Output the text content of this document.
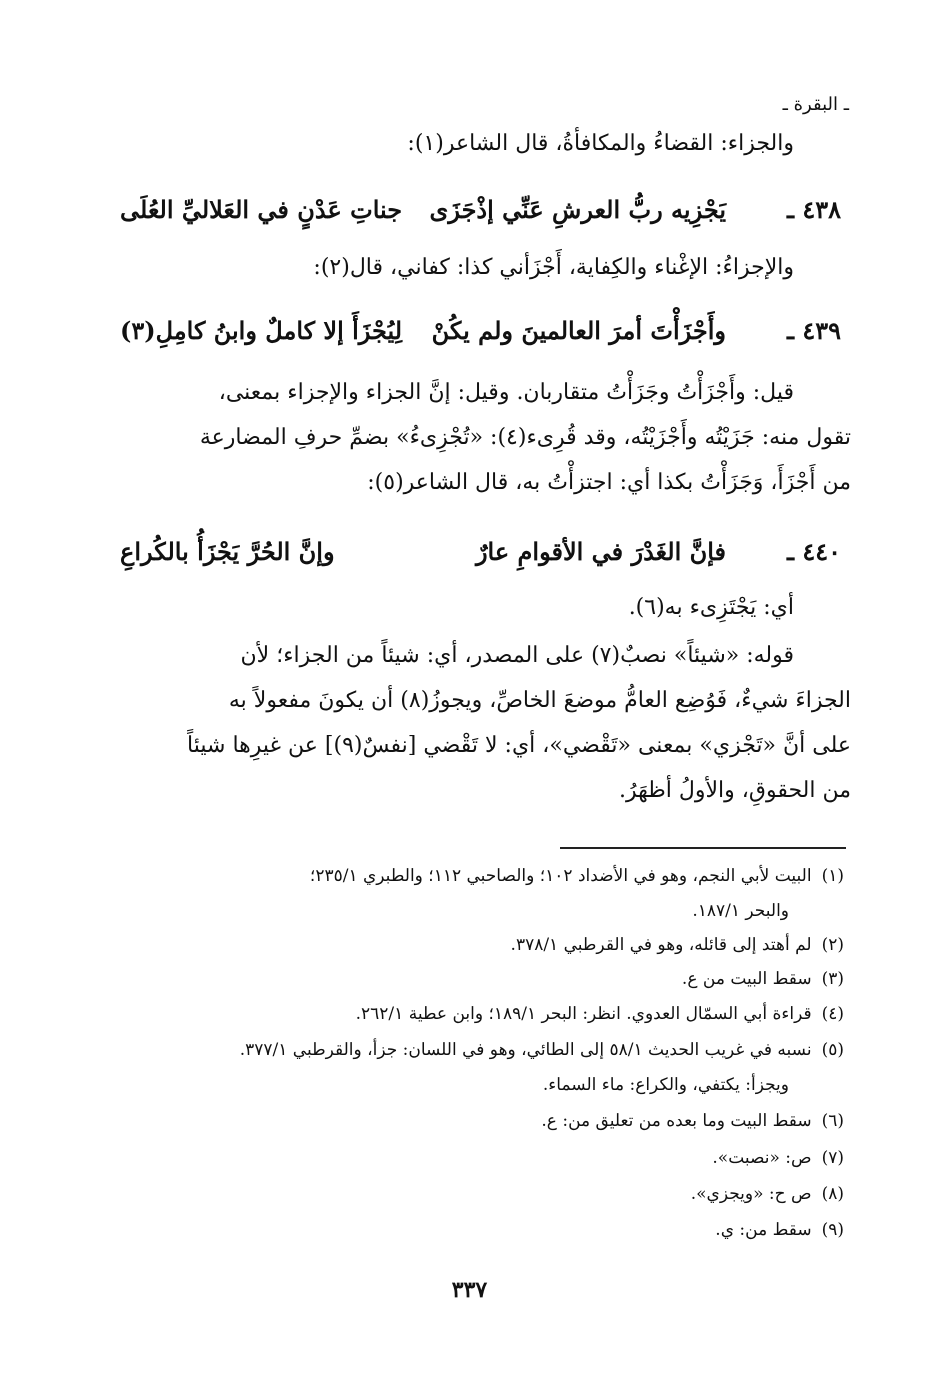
ـ البقرة ـ
والجزاء: القضاءُ والمكافأةُ، قال الشاعر(١):
٤٣٨ ـ
يَجْزِيه ربُّ العرشِ عَنِّي إذْجَزَى
جناتِ عَدْنٍ في العَلاليِّ العُلَى
والإجزاءُ: الإغْناء والكِفاية، أَجْزَأني كذا: كفاني، قال(٢):
٤٣٩ ـ
وأَجْزَأْتَ أمرَ العالمينَ ولم يكُنْ
لِيُجْزَأَ إلا كاملٌ وابنُ كامِلِ(٣)
قيل: وأَجْزَأْتُ وجَزَأْتُ متقاربان. وقيل: إنَّ الجزاء والإجزاء بمعنى،
تقول منه: جَزَيْتُه وأَجْزَيْتُه، وقد قُرِىء(٤): «تُجْزِىءُ» بضمِّ حرفِ المضارعة
من أَجْزَأَ، وَجَزَأْتُ بكذا أي: اجتزأْتُ به، قال الشاعر(٥):
٤٤٠ ـ
فإنَّ الغَدْرَ في الأقوامِ عارٌ
وإنَّ الحُرَّ يَجْزَأُ بالكُراعِ
أي: يَجْتَزِىء به(٦).
قوله: «شيئاً» نصبٌ(٧) على المصدر، أي: شيئاً من الجزاء؛ لأن
الجزاءَ شيءٌ، فَوُضِع العامُّ موضعَ الخاصِّ، ويجوزُ(٨) أن يكونَ مفعولاً به
على أنَّ «تَجْزي» بمعنى «تَقْضي»، أي: لا تَقْضي [نفسٌ(٩)] عن غيرِها شيئاً
من الحقوقِ، والأولُ أظهَرُ.
(١)البيت لأبي النجم، وهو في الأضداد ١٠٢؛ والصاحبي ١١٢؛ والطبري ٢٣٥/١؛
والبحر ١٨٧/١.
(٢)لم أهتد إلى قائله، وهو في القرطبي ٣٧٨/١.
(٣)سقط البيت من ع.
(٤)قراءة أبي السمّال العدوي. انظر: البحر ١٨٩/١؛ وابن عطية ٢٦٢/١.
(٥)نسبه في غريب الحديث ٥٨/١ إلى الطائي، وهو في اللسان: جزأ، والقرطبي ٣٧٧/١.
ويجزأ: يكتفي، والكراع: ماء السماء.
(٦)سقط البيت وما بعده من تعليق من: ع.
(٧)ص: «نصبت».
(٨)ص ح: «ويجزي».
(٩)سقط من: ي.
٣٣٧
